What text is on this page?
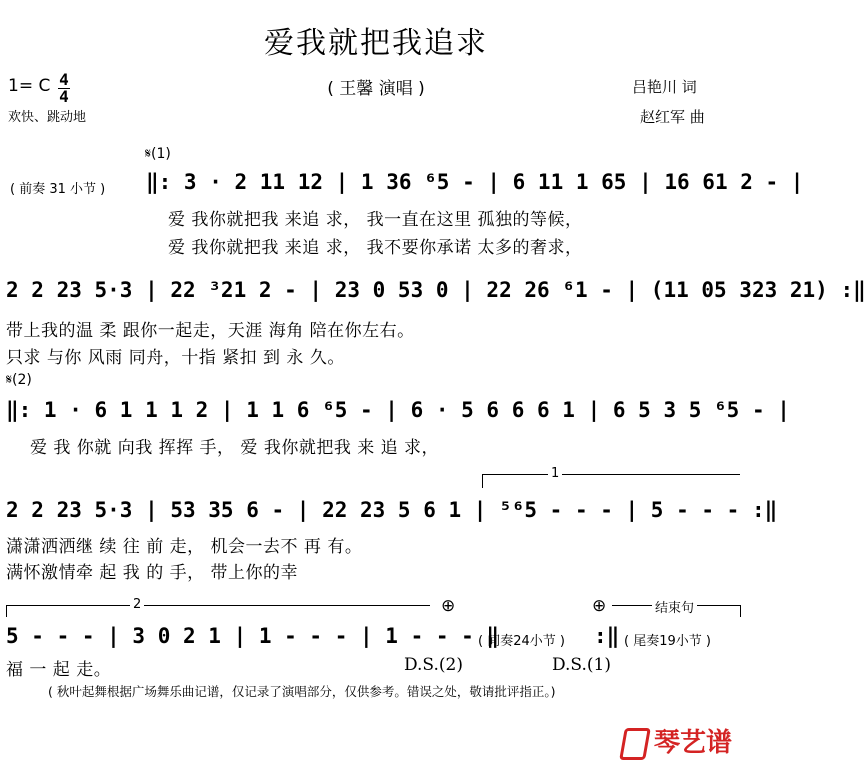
爱我就把我追求
( 王馨 演唱 )
1= C 4
4
欢快、跳动地
吕艳川 词
赵红军 曲
𝄋(1)
( 前奏 31 小节 ) ‖: 3 · 2 11 12 | 1 36 ⁶5 - | 6 11 1 65 | 16 61 2 - |
爱 我你就把我 来追 求， 我一直在这里 孤独的等候，
爱 我你就把我 来追 求， 我不要你承诺 太多的奢求，
2 2 23 5·3 | 22 ³21 2 - | 23 0 53 0 | 22 26 ⁶1 - | (11 05 323 21) :‖
带上我的温 柔 跟你一起走，天涯 海角 陪在你左右。
只求 与你 风雨 同舟，十指 紧扣 到 永 久。
𝄋(2)
‖: 1 · 6 1 1 1 2 | 1 1 6 ⁶5 - | 6 · 5 6 6 6 1 | 6 5 3 5 ⁶5 - |
爱 我 你就 向我 挥挥 手， 爱 我你就把我 来 追 求，
1
2 2 23 5·3 | 53 35 6 - | 22 23 5 6 1 | ⁵⁶5 - - - | 5 - - - :‖
潇潇洒洒继 续 往 前 走， 机会一去不 再 有。
满怀激情牵 起 我 的 手， 带上你的幸
2	⊕	⊕	结束句
5 - - - | 3 0 2 1 | 1 - - - | 1 - - - ‖
( 间奏24小节 ) :‖ ( 尾奏19小节 )
福 一 起 走。	D.S.(2)	D.S.(1)
( 秋叶起舞根据广场舞乐曲记谱，仅记录了演唱部分，仅供参考。错误之处，敬请批评指正。)
琴艺谱
